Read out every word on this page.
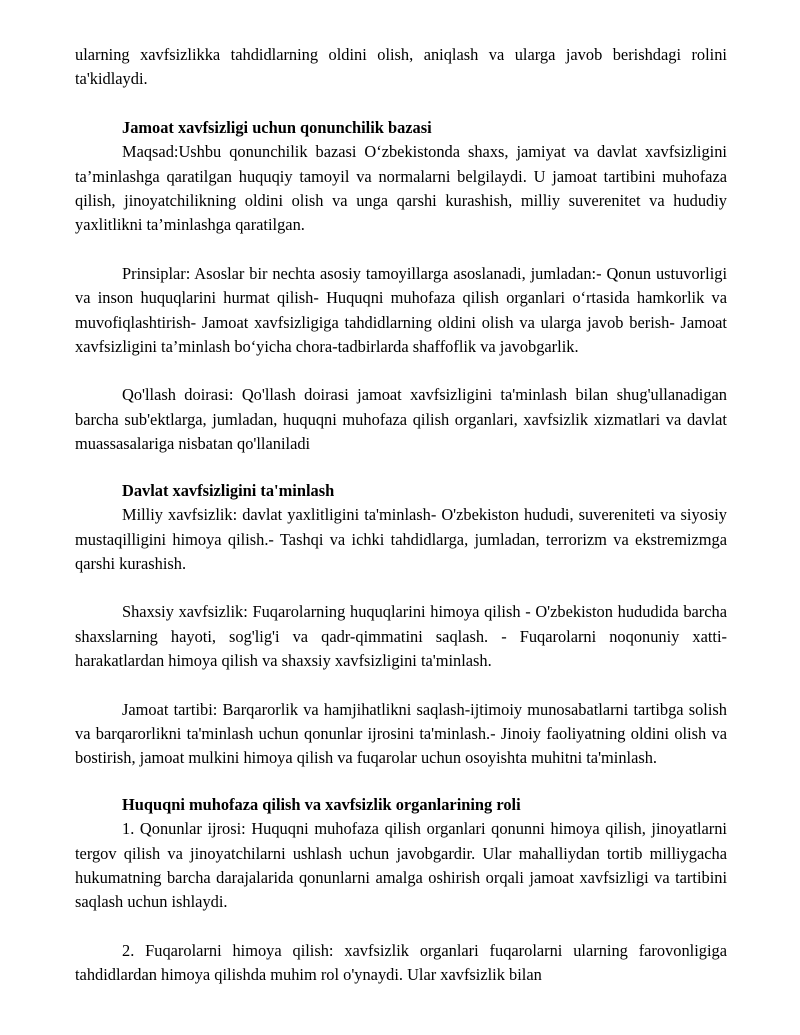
ularning xavfsizlikka tahdidlarning oldini olish, aniqlash va ularga javob berishdagi rolini ta'kidlaydi.

Jamoat xavfsizligi uchun qonunchilik bazasi

Maqsad:Ushbu qonunchilik bazasi O‘zbekistonda shaxs, jamiyat va davlat xavfsizligini ta’minlashga qaratilgan huquqiy tamoyil va normalarni belgilaydi. U jamoat tartibini muhofaza qilish, jinoyatchilikning oldini olish va unga qarshi kurashish, milliy suverenitet va hududiy yaxlitlikni ta’minlashga qaratilgan.

Prinsiplar: Asoslar bir nechta asosiy tamoyillarga asoslanadi, jumladan:- Qonun ustuvorligi va inson huquqlarini hurmat qilish- Huquqni muhofaza qilish organlari o‘rtasida hamkorlik va muvofiqlashtirish- Jamoat xavfsizligiga tahdidlarning oldini olish va ularga javob berish- Jamoat xavfsizligini ta’minlash bo‘yicha chora-tadbirlarda shaffoflik va javobgarlik.

Qo'llash doirasi: Qo'llash doirasi jamoat xavfsizligini ta'minlash bilan shug'ullanadigan barcha sub'ektlarga, jumladan, huquqni muhofaza qilish organlari, xavfsizlik xizmatlari va davlat muassasalariga nisbatan qo'llaniladi

Davlat xavfsizligini ta'minlash

Milliy xavfsizlik: davlat yaxlitligini ta'minlash- O'zbekiston hududi, suvereniteti va siyosiy mustaqilligini himoya qilish.- Tashqi va ichki tahdidlarga, jumladan, terrorizm va ekstremizmga qarshi kurashish.

Shaxsiy xavfsizlik: Fuqarolarning huquqlarini himoya qilish - O'zbekiston hududida barcha shaxslarning hayoti, sog'lig'i va qadr-qimmatini saqlash. - Fuqarolarni noqonuniy xatti-harakatlardan himoya qilish va shaxsiy xavfsizligini ta'minlash.

Jamoat tartibi: Barqarorlik va hamjihatlikni saqlash-ijtimoiy munosabatlarni tartibga solish va barqarorlikni ta'minlash uchun qonunlar ijrosini ta'minlash.- Jinoiy faoliyatning oldini olish va bostirish, jamoat mulkini himoya qilish va fuqarolar uchun osoyishta muhitni ta'minlash.

Huquqni muhofaza qilish va xavfsizlik organlarining roli

1. Qonunlar ijrosi: Huquqni muhofaza qilish organlari qonunni himoya qilish, jinoyatlarni tergov qilish va jinoyatchilarni ushlash uchun javobgardir. Ular mahalliydan tortib milliygacha hukumatning barcha darajalarida qonunlarni amalga oshirish orqali jamoat xavfsizligi va tartibini saqlash uchun ishlaydi.

2. Fuqarolarni himoya qilish: xavfsizlik organlari fuqarolarni ularning farovonligiga tahdidlardan himoya qilishda muhim rol o'ynaydi. Ular xavfsizlik bilan
